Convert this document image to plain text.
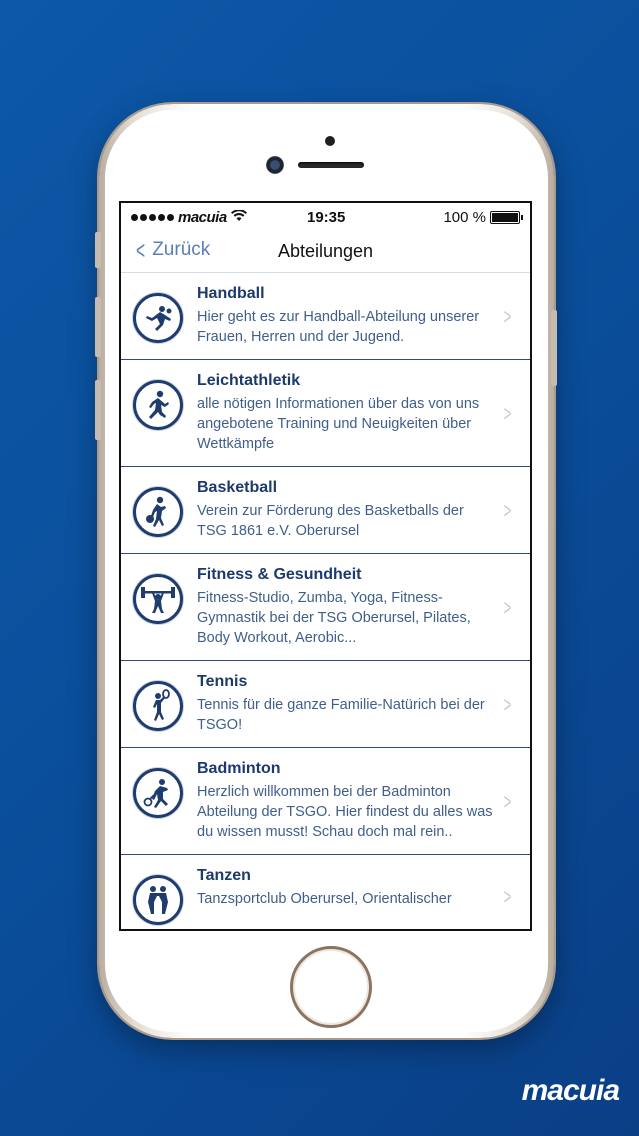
macuia	19:35	100 %
< Zurück	Abteilungen
Handball
Hier geht es zur Handball-Abteilung unserer Frauen, Herren und der Jugend.
>
Leichtathletik
alle nötigen Informationen über das von uns angebotene Training und Neuigkeiten über Wettkämpfe
>
Basketball
Verein zur Förderung des Basketballs der TSG 1861 e.V. Oberursel
>
Fitness & Gesundheit
Fitness-Studio, Zumba, Yoga, Fitness-Gymnastik bei der TSG Oberursel, Pilates, Body Workout, Aerobic...
>
Tennis
Tennis für die ganze Familie-Natürich bei der TSGO!
>
Badminton
Herzlich willkommen bei der Badminton Abteilung der TSGO. Hier findest du alles was du wissen musst! Schau doch mal rein..
>
Tanzen
Tanzsportclub Oberursel, Orientalischer	>
macuia
